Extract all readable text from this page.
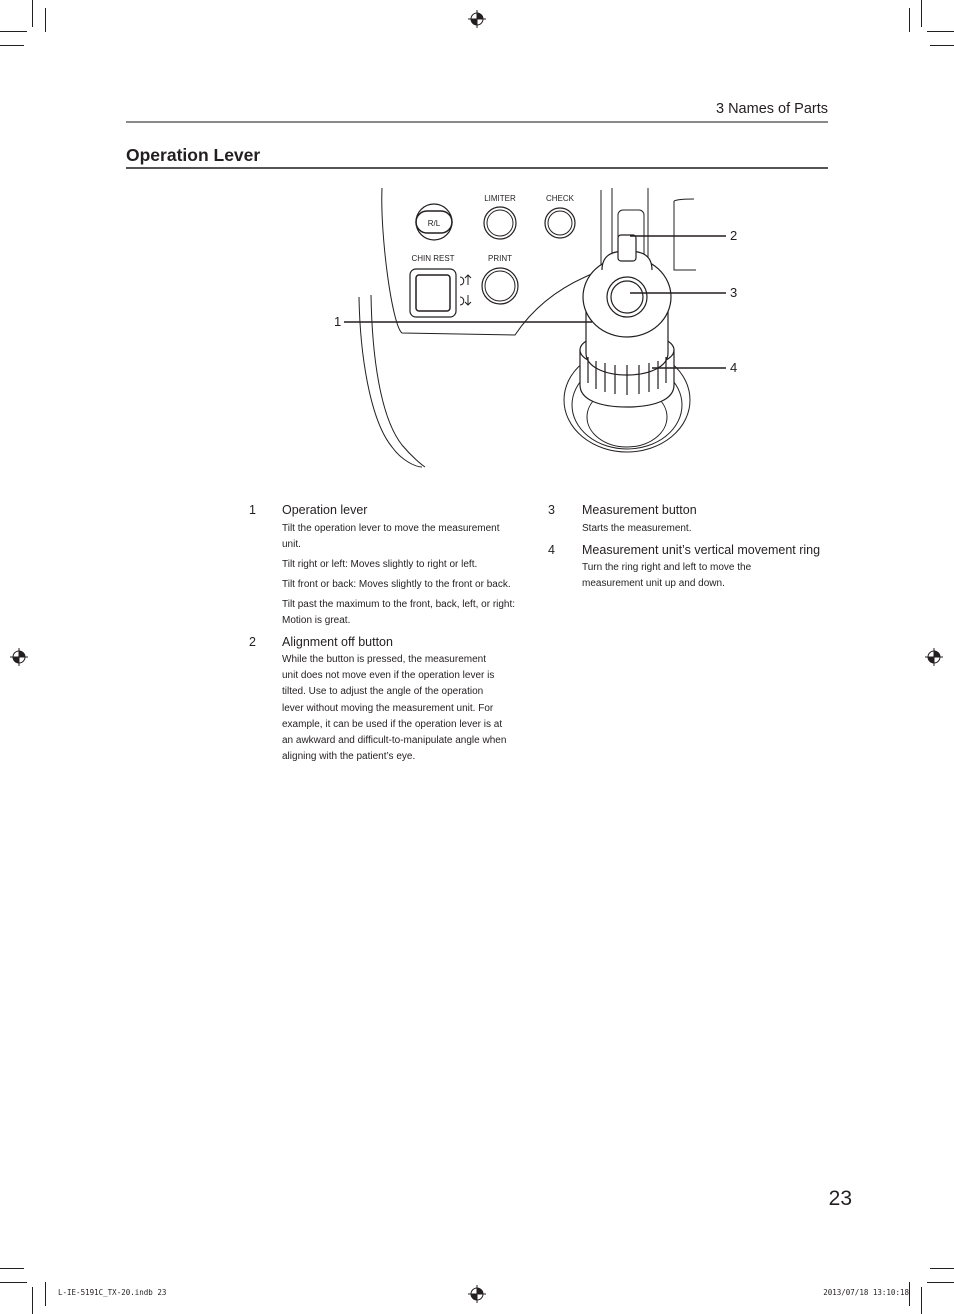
3 Names of Parts
Operation Lever
R/L
LIMITER	CHECK
CHIN REST	PRINT
1
2
3
4
1 Operation lever
Tilt the operation lever to move the measurement
unit.
Tilt right or left: Moves slightly to right or left.
Tilt front or back: Moves slightly to the front or back.
Tilt past the maximum to the front, back, left, or right:
Motion is great.
2 Alignment off button
While the button is pressed, the measurement
unit does not move even if the operation lever is
tilted. Use to adjust the angle of the operation
lever without moving the measurement unit. For
example, it can be used if the operation lever is at
an awkward and difficult-to-manipulate angle when
aligning with the patient’s eye.
3 Measurement button
Starts the measurement.
4 Measurement unit’s vertical movement ring
Turn the ring right and left to move the
measurement unit up and down.
23
L-IE-5191C_TX-20.indb 23	2013/07/18 13:10:18
